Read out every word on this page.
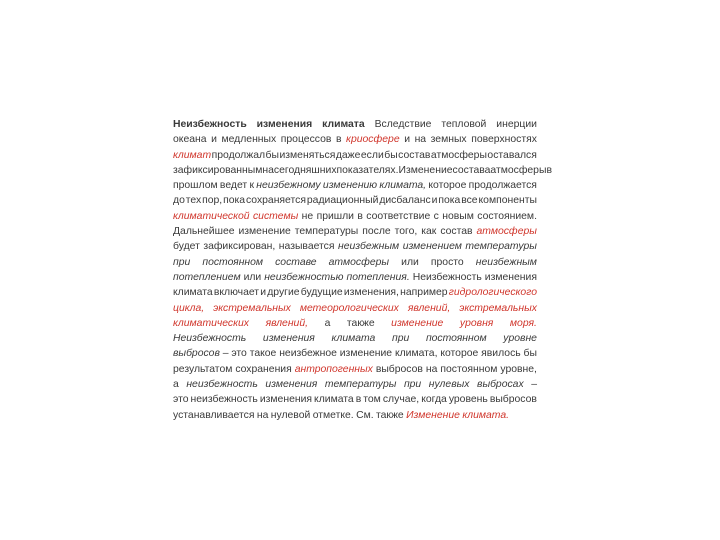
Неизбежность изменения климата Вследствие тепловой инерции
океана и медленных процессов в криосфере и на земных поверхностях
климат продолжал бы изменяться даже если бы состав атмосферы оставался
зафиксированным на сегодняшних показателях. Изменение состава атмосферы в
прошлом ведет к неизбежному изменению климата, которое продолжается
до тех пор, пока сохраняется радиационный дисбаланс и пока все компоненты
климатической системы не пришли в соответствие с новым состоянием.
Дальнейшее изменение температуры после того, как состав атмосферы
будет зафиксирован, называется неизбежным изменением температуры
при постоянном составе атмосферы или просто неизбежным
потеплением или неизбежностью потепления. Неизбежность изменения
климата включает и другие будущие изменения, например гидрологического
цикла, экстремальных метеорологических явлений, экстремальных
климатических явлений, а также изменение уровня моря.
Неизбежность изменения климата при постоянном уровне
выбросов – это такое неизбежное изменение климата, которое явилось бы
результатом сохранения антропогенных выбросов на постоянном уровне,
а неизбежность изменения температуры при нулевых выбросах –
это неизбежность изменения климата в том случае, когда уровень выбросов
устанавливается
на
нулевой
отметке.
См.
также
Изменение
климата.
